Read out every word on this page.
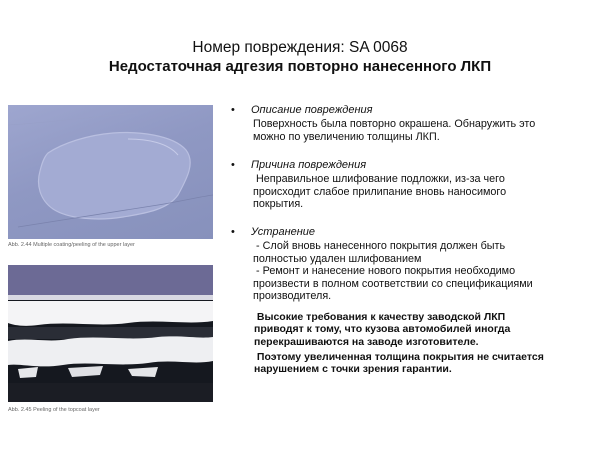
Номер повреждения: SA 0068
Недостаточная адгезия повторно нанесенного ЛКП
Abb. 2.44 Multiple coating/peeling of the upper layer
Abb. 2.45 Peeling of the topcoat layer
• Описание повреждения
Поверхность была повторно окрашена. Обнаружить это
можно по увеличению толщины ЛКП.
• Причина повреждения
Неправильное шлифование подложки, из-за чего
происходит слабое прилипание вновь наносимого
покрытия.
• Устранение
- Слой вновь нанесенного покрытия должен быть
полностью удален шлифованием
- Ремонт и нанесение нового покрытия необходимо
произвести в полном соответствии со спецификациями
производителя.

Высокие требования к качеству заводской ЛКП
приводят к тому, что кузова автомобилей иногда
перекрашиваются на заводе изготовителе.

Поэтому увеличенная толщина покрытия не считается
нарушением с точки зрения гарантии.
